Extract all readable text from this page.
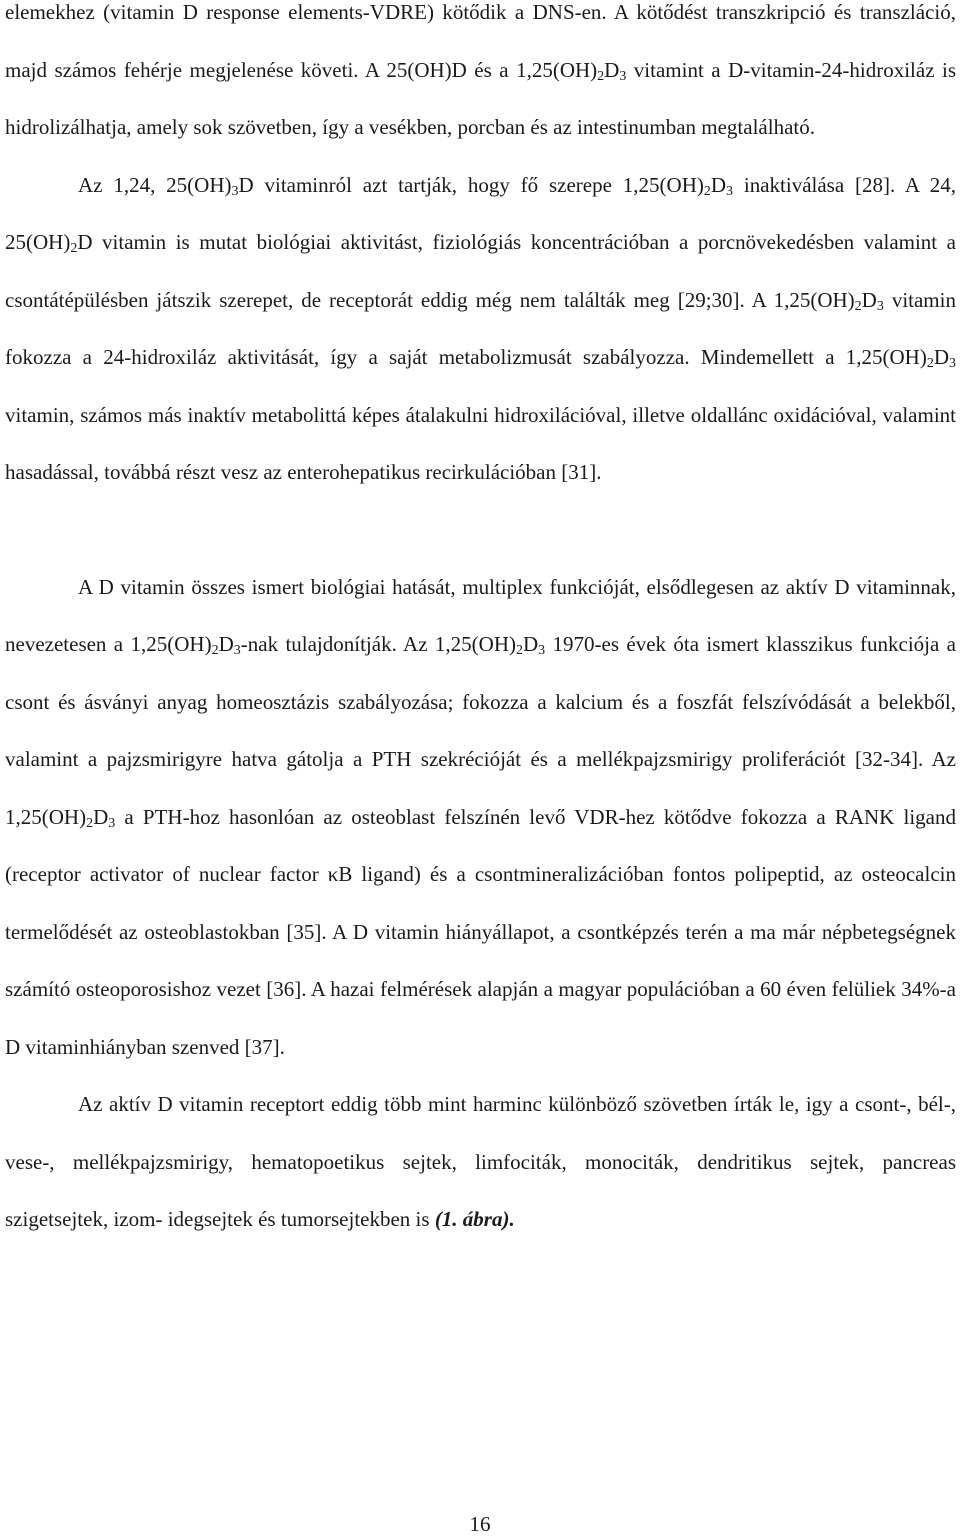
elemekhez (vitamin D response elements-VDRE) kötődik a DNS-en. A kötődést transzkripció és transzláció, majd számos fehérje megjelenése követi. A 25(OH)D és a $1,25(OH)_2D_3$ vitamint a D-vitamin-24-hidroxiláz is hidrolizálhatja, amely sok szövetben, így a vesékben, porcban és az intestinumban megtalálható.

Az 1,24, $25(OH)_3D$ vitaminról azt tartják, hogy fő szerepe $1,25(OH)_2D_3$ inaktiválása [28]. A 24, $25(OH)_2D$ vitamin is mutat biológiai aktivitást, fiziológiás koncentrációban a porcnövekedésben valamint a csontátépülésben játszik szerepet, de receptorát eddig még nem találták meg [29;30]. A $1,25(OH)_2D_3$ vitamin fokozza a 24-hidroxiláz aktivitását, így a saját metabolizmusát szabályozza. Mindemellett a $1,25(OH)_2D_3$ vitamin, számos más inaktív metabolittá képes átalakulni hidroxilációval, illetve oldallánc oxidációval, valamint hasadással, továbbá részt vesz az enterohepatikus recirkulációban [31].

A D vitamin összes ismert biológiai hatását, multiplex funkcióját, elsődlegesen az aktív D vitaminnak, nevezetesen a $1,25(OH)_2D_3$-nak tulajdonítják. Az $1,25(OH)_2D_3$ 1970-es évek óta ismert klasszikus funkciója a csont és ásványi anyag homeosztázis szabályozása; fokozza a kalcium és a foszfát felszívódását a belekből, valamint a pajzsmirigyre hatva gátolja a PTH szekrécióját és a mellékpajzsmirigy proliferációt [32-34]. Az $1,25(OH)_2D_3$ a PTH-hoz hasonlóan az osteoblast felszínén levő VDR-hez kötődve fokozza a RANK ligand (receptor activator of nuclear factor κB ligand) és a csontmineralizációban fontos polipeptid, az osteocalcin termelődését az osteoblastokban [35]. A D vitamin hiányállapot, a csontképzés terén a ma már népbetegségnek számító osteoporosishoz vezet [36]. A hazai felmérések alapján a magyar populációban a 60 éven felüliek 34%-a D vitaminhiányban szenved [37].

Az aktív D vitamin receptort eddig több mint harminc különböző szövetben írták le, igy a csont-, bél-, vese-, mellékpajzsmirigy, hematopoetikus sejtek, limfociták, monociták, dendritikus sejtek, pancreas szigetsejtek, izom- idegsejtek és tumorsejtekben is (1. ábra).

16
